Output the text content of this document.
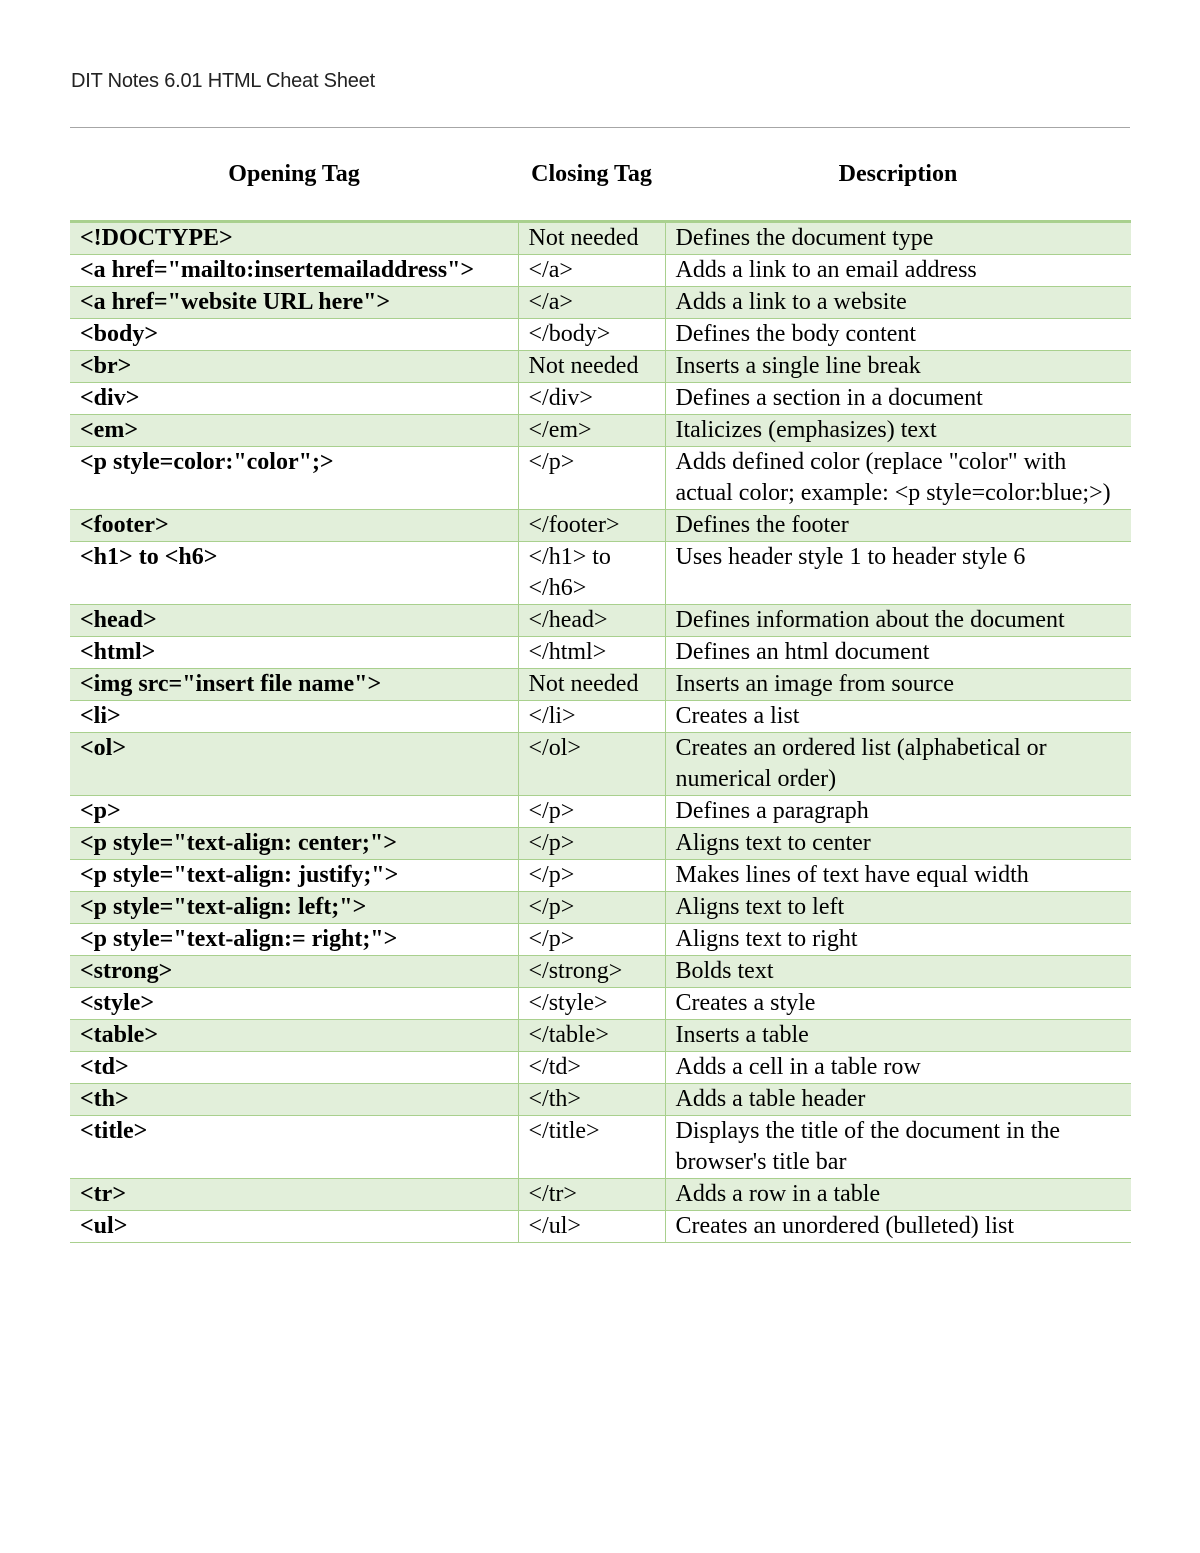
DIT Notes 6.01 HTML Cheat Sheet
Opening Tag	Closing Tag	Description
<!DOCTYPE>	Not needed	Defines the document type
<a href="mailto:insertemailaddress">	</a>	Adds a link to an email address
<a href="website URL here">	</a>	Adds a link to a website
<body>	</body>	Defines the body content
<br>	Not needed	Inserts a single line break
<div>	</div>	Defines a section in a document
<em>	</em>	Italicizes (emphasizes) text
<p style=color:"color";>	</p>	Adds defined color (replace "color" with actual color; example: <p style=color:blue;>)
<footer>	</footer>	Defines the footer
<h1> to <h6>	</h1> to </h6>	Uses header style 1 to header style 6
<head>	</head>	Defines information about the document
<html>	</html>	Defines an html document
<img src="insert file name">	Not needed	Inserts an image from source
<li>	</li>	Creates a list
<ol>	</ol>	Creates an ordered list (alphabetical or numerical order)
<p>	</p>	Defines a paragraph
<p style="text-align: center;">	</p>	Aligns text to center
<p style="text-align: justify;">	</p>	Makes lines of text have equal width
<p style="text-align: left;">	</p>	Aligns text to left
<p style="text-align:= right;">	</p>	Aligns text to right
<strong>	</strong>	Bolds text
<style>	</style>	Creates a style
<table>	</table>	Inserts a table
<td>	</td>	Adds a cell in a table row
<th>	</th>	Adds a table header
<title>	</title>	Displays the title of the document in the browser's title bar
<tr>	</tr>	Adds a row in a table
<ul>	</ul>	Creates an unordered (bulleted) list
